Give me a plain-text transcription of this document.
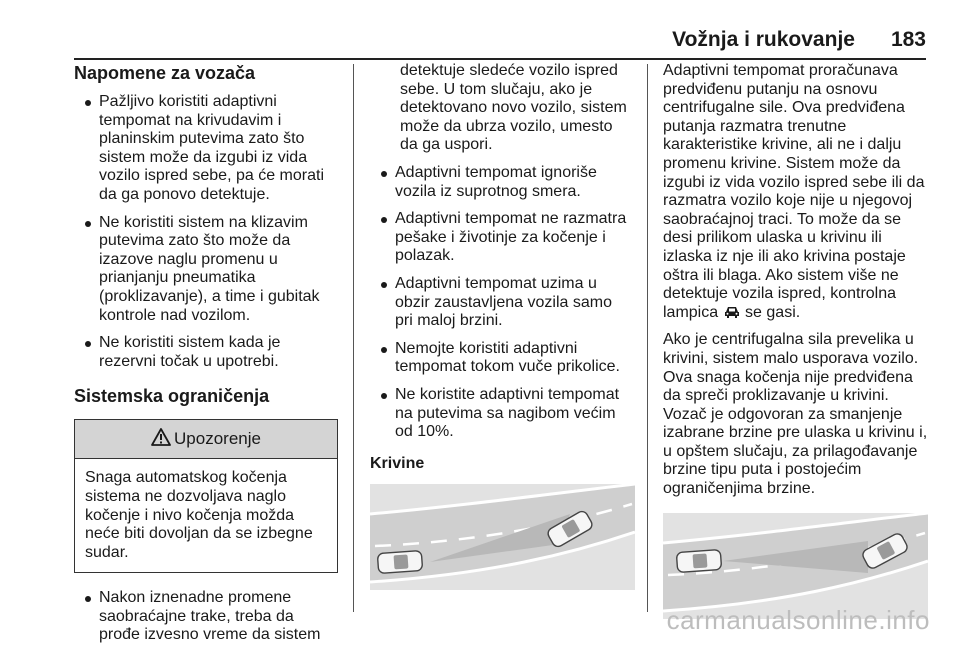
Vožnja i rukovanje 183
Napomene za vozača
Pažljivo koristiti adaptivni tempomat na krivudavim i planinskim putevima zato što sistem može da izgubi iz vida vozilo ispred sebe, pa će morati da ga ponovo detektuje.
Ne koristiti sistem na klizavim putevima zato što može da izazove naglu promenu u prianjanju pneumatika (proklizavanje), a time i gubitak kontrole nad vozilom.
Ne koristiti sistem kada je rezervni točak u upotrebi.
Sistemska ograničenja
Upozorenje
Snaga automatskog kočenja sistema ne dozvoljava naglo kočenje i nivo kočenja možda neće biti dovoljan da se izbegne sudar.
Nakon iznenadne promene saobraćajne trake, treba da prođe izvesno vreme da sistem

detektuje sledeće vozilo ispred sebe. U tom slučaju, ako je detektovano novo vozilo, sistem može da ubrza vozilo, umesto da ga uspori.

Adaptivni tempomat ignoriše vozila iz suprotnog smera.
Adaptivni tempomat ne razmatra pešake i životinje za kočenje i polazak.
Adaptivni tempomat uzima u obzir zaustavljena vozila samo pri maloj brzini.
Nemojte koristiti adaptivni tempomat tokom vuče prikolice.
Ne koristite adaptivni tempomat na putevima sa nagibom većim od 10%.
Krivine

Adaptivni tempomat proračunava predviđenu putanju na osnovu centrifugalne sile. Ova predviđena putanja razmatra trenutne karakteristike krivine, ali ne i dalju promenu krivine. Sistem može da izgubi iz vida vozilo ispred sebe ili da razmatra vozilo koje nije u njegovoj saobraćajnoj traci. To može da se desi prilikom ulaska u krivinu ili izlaska iz nje ili ako krivina postaje oštra ili blaga. Ako sistem više ne detektuje vozila ispred, kontrolna lampica se gasi.

Ako je centrifugalna sila prevelika u krivini, sistem malo usporava vozilo. Ova snaga kočenja nije predviđena da spreči proklizavanje u krivini. Vozač je odgovoran za smanjenje izabrane brzine pre ulaska u krivinu i, u opštem slučaju, za prilagođavanje brzine tipu puta i postojećim ograničenjima brzine.

carmanualsonline.info
